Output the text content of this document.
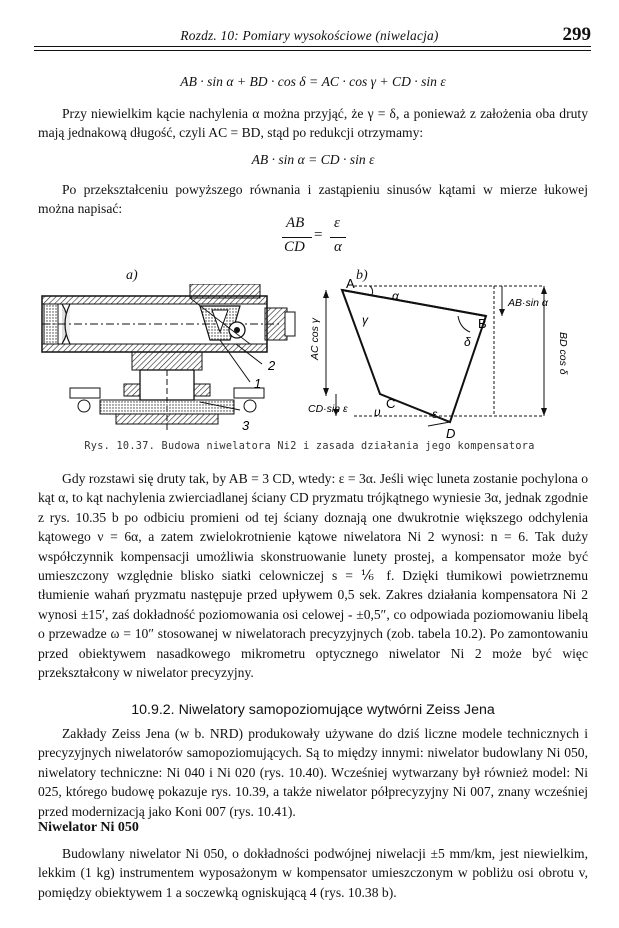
Rozdz. 10: Pomiary wysokościowe (niwelacja)	299
AB · sin α + BD · cos δ = AC · cos γ + CD · sin ε

Przy niewielkim kącie nachylenia α można przyjąć, że γ = δ, a ponieważ z założenia oba druty mają jednakową długość, czyli AC = BD, stąd po redukcji otrzymamy:

AB · sin α = CD · sin ε

Po przekształceniu powyższego równania i zastąpieniu sinusów kątami w mierze łukowej można napisać:

AB
CD
=
ε
α
a)	b)
2
1
3
A
B
C
D
α
γ
δ
ε
υ
AB·sin α
AC cos γ	BD cos δ
CD·sin ε
Rys. 10.37. Budowa niwelatora Ni2 i zasada działania jego kompensatora

Gdy rozstawi się druty tak, by AB = 3 CD, wtedy: ε = 3α. Jeśli więc luneta zostanie pochylona o kąt α, to kąt nachylenia zwierciadlanej ściany CD pryzmatu trójkątnego wyniesie 3α, jednak zgodnie z rys. 10.35 b po odbiciu promieni od tej ściany doznają one dwukrotnie większego odchylenia kątowego ν = 6α, a zatem zwielokrotnienie kątowe niwelatora Ni 2 wynosi: n = 6. Tak duży współczynnik kompensacji umożliwia skonstruowanie lunety prostej, a kompensator może być umieszczony względnie blisko siatki celowniczej s = ⅙ f. Dzięki tłumikowi powietrznemu tłumienie wahań pryzmatu następuje przed upływem 0,5 sek. Zakres działania kompensatora Ni 2 wynosi ±15′, zaś dokładność poziomowania osi celowej - ±0,5″, co odpowiada poziomowaniu libelą o przewadze ω = 10″ stosowanej w niwelatorach precyzyjnych (zob. tabela 10.2). Po zamontowaniu przed obiektywem nasadkowego mikrometru optycznego niwelator Ni 2 może być więc przekształcony w niwelator precyzyjny.

10.9.2. Niwelatory samopoziomujące wytwórni Zeiss Jena

Zakłady Zeiss Jena (w b. NRD) produkowały używane do dziś liczne modele technicznych i precyzyjnych niwelatorów samopoziomujących. Są to między innymi: niwelator budowlany Ni 050, niwelatory techniczne: Ni 040 i Ni 020 (rys. 10.40). Wcześniej wytwarzany był również model: Ni 025, którego budowę pokazuje rys. 10.39, a także niwelator półprecyzyjny Ni 007, znany wcześniej przed modernizacją jako Koni 007 (rys. 10.41).

Niwelator Ni 050

Budowlany niwelator Ni 050, o dokładności podwójnej niwelacji ±5 mm/km, jest niewielkim, lekkim (1 kg) instrumentem wyposażonym w kompensator umieszczonym w pobliżu osi obrotu v, pomiędzy obiektywem 1 a soczewką ogniskującą 4 (rys. 10.38 b).
